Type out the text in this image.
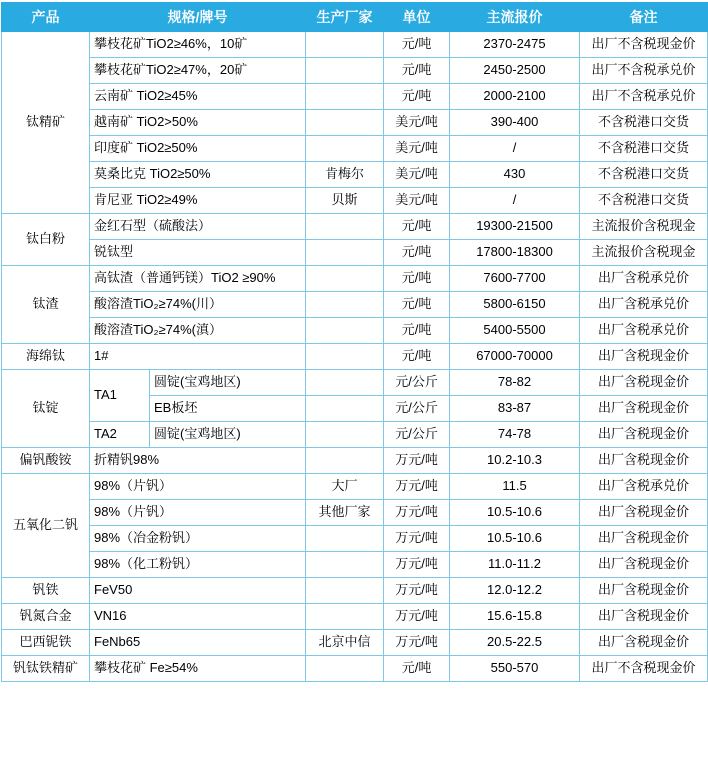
产品	规格/牌号		生产厂家	单位	主流报价	备注
钛精矿	攀枝花矿TiO2≥46%，10矿			元/吨	2370-2475	出厂不含税现金价
	攀枝花矿TiO2≥47%，20矿			元/吨	2450-2500	出厂不含税承兑价
	云南矿 TiO2≥45%			元/吨	2000-2100	出厂不含税承兑价
	越南矿 TiO2>50%			美元/吨	390-400	不含税港口交货
	印度矿 TiO2≥50%			美元/吨	/	不含税港口交货
	莫桑比克 TiO2≥50%		肯梅尔	美元/吨	430	不含税港口交货
	肯尼亚 TiO2≥49%		贝斯	美元/吨	/	不含税港口交货
钛白粉	金红石型（硫酸法）			元/吨	19300-21500	主流报价含税现金
	锐钛型			元/吨	17800-18300	主流报价含税现金
钛渣	高钛渣（普通钙镁）TiO2 ≥90%			元/吨	7600-7700	出厂含税承兑价
	酸溶渣TiO₂≥74%(川）			元/吨	5800-6150	出厂含税承兑价
	酸溶渣TiO₂≥74%(滇）			元/吨	5400-5500	出厂含税承兑价
海绵钛	1#			元/吨	67000-70000	出厂含税现金价
钛锭	TA1	圆锭(宝鸡地区)		元/公斤	78-82	出厂含税现金价
		EB板坯		元/公斤	83-87	出厂含税现金价
	TA2	圆锭(宝鸡地区)		元/公斤	74-78	出厂含税现金价
偏钒酸铵	折精钒98%			万元/吨	10.2-10.3	出厂含税现金价
五氧化二钒	98%（片钒）		大厂	万元/吨	11.5	出厂含税承兑价
	98%（片钒）		其他厂家	万元/吨	10.5-10.6	出厂含税现金价
	98%（冶金粉钒）			万元/吨	10.5-10.6	出厂含税现金价
	98%（化工粉钒）			万元/吨	11.0-11.2	出厂含税现金价
钒铁	FeV50			万元/吨	12.0-12.2	出厂含税现金价
钒氮合金	VN16			万元/吨	15.6-15.8	出厂含税现金价
巴西铌铁	FeNb65		北京中信	万元/吨	20.5-22.5	出厂含税现金价
钒钛铁精矿	攀枝花矿 Fe≥54%			元/吨	550-570	出厂不含税现金价
